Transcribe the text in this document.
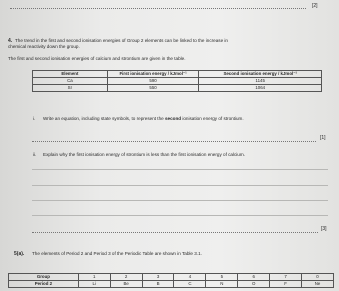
[2]
4. The trend in the first and second ionisation energies of Group 2 elements can be linked to the increase in
chemical reactivity down the group.
The first and second ionisation energies of calcium and strontium are given in the table.
Element	First ionisation energy / kJmol⁻¹	Second ionisation energy / kJmol⁻¹
Ca	590	1145
Sr	550	1064
i. Write an equation, including state symbols, to represent the second ionisation energy of strontium.
[1]
ii. Explain why the first ionisation energy of strontium is less than the first ionisation energy of calcium.
[3]
5(a). The elements of Period 2 and Period 3 of the Periodic Table are shown in Table 3.1.
Group	1	2	3	4	5	6	7	0
Period 2	Li	Be	B	C	N	O	F	Ne
